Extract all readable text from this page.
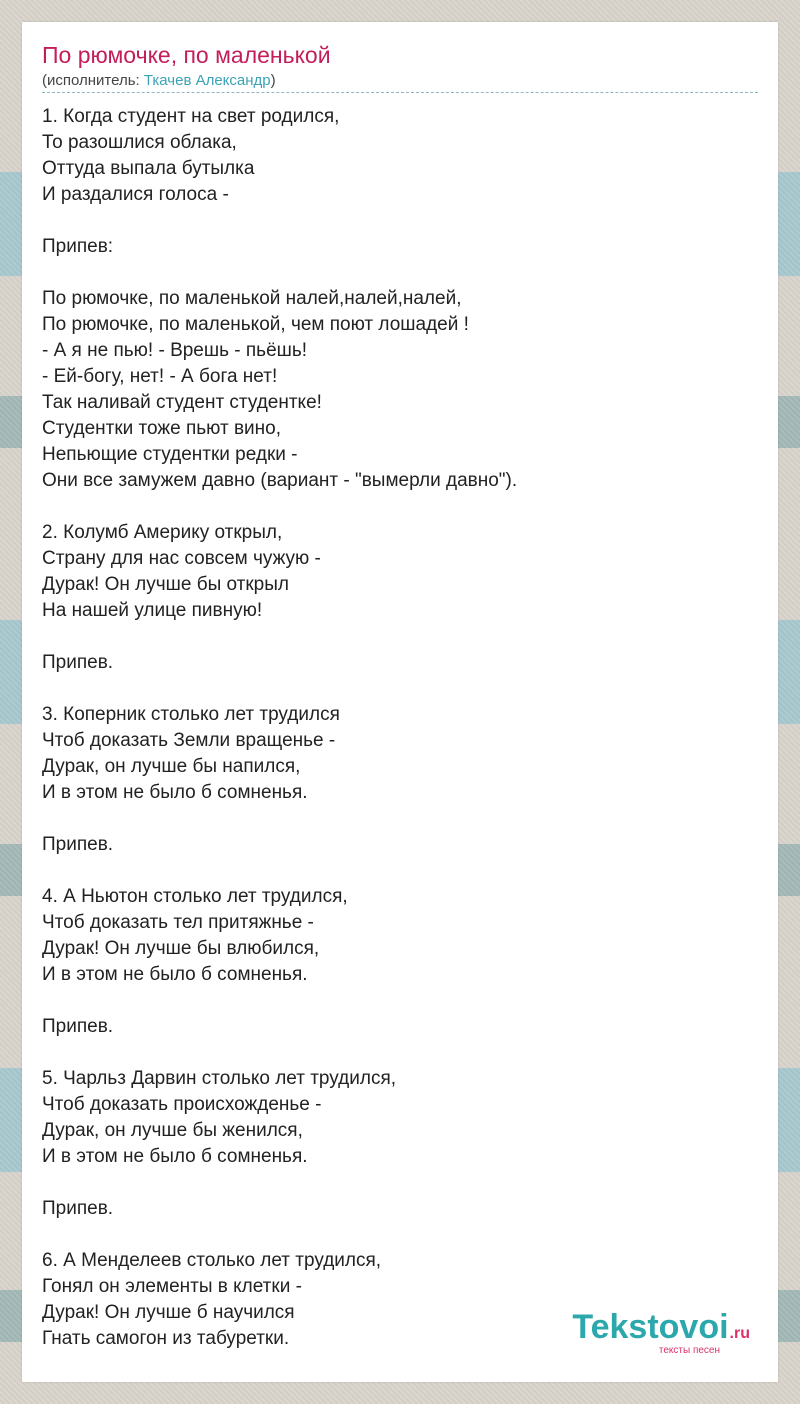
По рюмочке, по маленькой
(исполнитель: Ткачев Александр)
1. Когда студент на свет родился,
То разошлися облака,
Оттуда выпала бутылка
И раздалися голоса -
Припев:
По рюмочке, по маленькой налей,налей,налей,
По рюмочке, по маленькой, чем поют лошадей !
- А я не пью! - Врешь - пьёшь!
- Ей-богу, нет! - А бога нет!
Так наливай студент студентке!
Студентки тоже пьют вино,
Непьющие студентки редки -
Они все замужем давно (вариант - "вымерли давно").
2. Колумб Америку открыл,
Страну для нас совсем чужую -
Дурак! Он лучше бы открыл
На нашей улице пивную!
Припев.
3. Коперник столько лет трудился
Чтоб доказать Земли вращенье -
Дурак, он лучше бы напился,
И в этом не было б сомненья.
Припев.
4. А Ньютон столько лет трудился,
Чтоб доказать тел притяжнье -
Дурак! Он лучше бы влюбился,
И в этом не было б сомненья.
Припев.
5. Чарльз Дарвин столько лет трудился,
Чтоб доказать происхожденье -
Дурак, он лучше бы женился,
И в этом не было б сомненья.
Припев.
6. А Менделеев столько лет трудился,
Гонял он элементы в клетки -
Дурак! Он лучше б научился
Гнать самогон из табуретки.	Tekstovoi.ru
тексты песен
